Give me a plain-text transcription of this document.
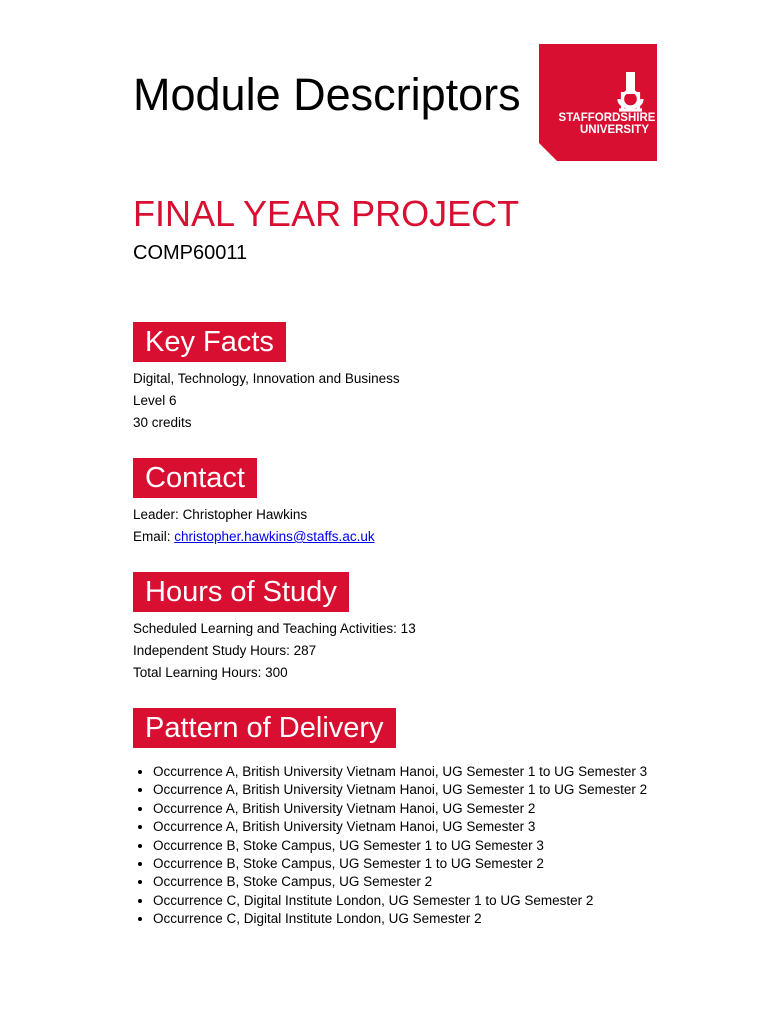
Module Descriptors	STAFFORDSHIRE
UNIVERSITY
FINAL YEAR PROJECT

COMP60011

Key Facts
Digital, Technology, Innovation and Business
Level 6
30 credits
Contact
Leader: Christopher Hawkins
Email: christopher.hawkins@staffs.ac.uk
Hours of Study
Scheduled Learning and Teaching Activities: 13
Independent Study Hours: 287
Total Learning Hours: 300
Pattern of Delivery
• Occurrence A, British University Vietnam Hanoi, UG Semester 1 to UG Semester 3
• Occurrence A, British University Vietnam Hanoi, UG Semester 1 to UG Semester 2
• Occurrence A, British University Vietnam Hanoi, UG Semester 2
• Occurrence A, British University Vietnam Hanoi, UG Semester 3
• Occurrence B, Stoke Campus, UG Semester 1 to UG Semester 3
• Occurrence B, Stoke Campus, UG Semester 1 to UG Semester 2
• Occurrence B, Stoke Campus, UG Semester 2
• Occurrence C, Digital Institute London, UG Semester 1 to UG Semester 2
• Occurrence C, Digital Institute London, UG Semester 2
